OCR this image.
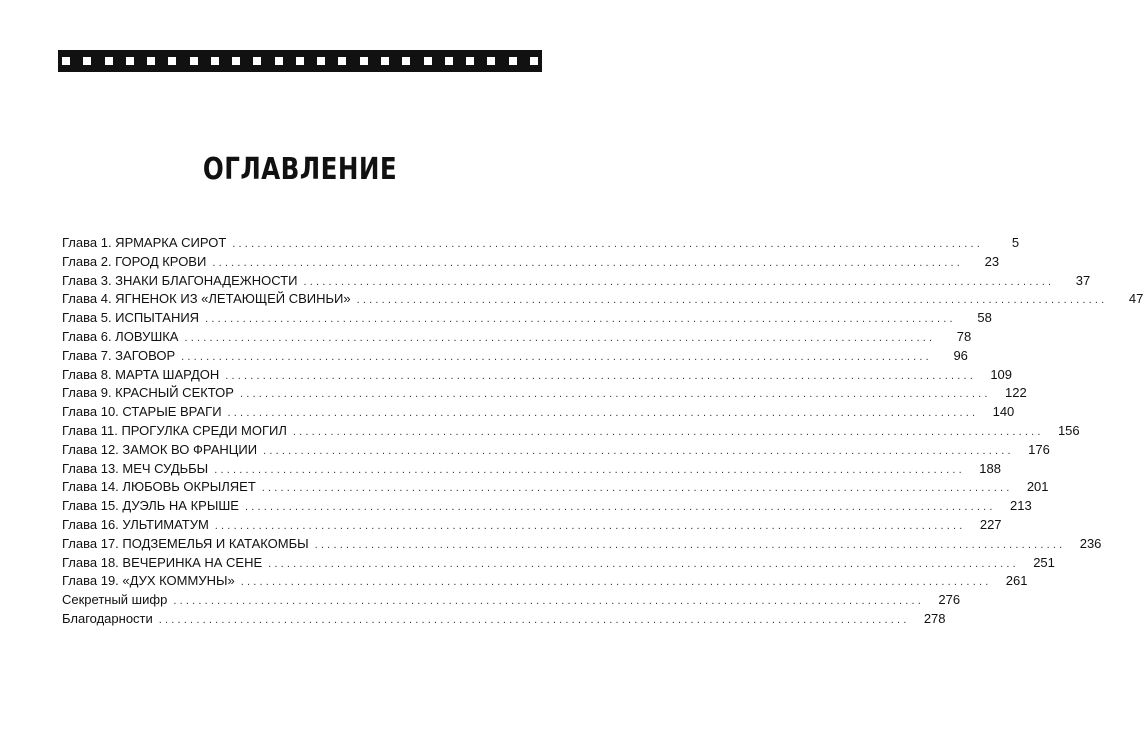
ОГЛАВЛЕНИЕ
Глава 1. ЯРМАРКА СИРОТ ........................................................................................................................	5
Глава 2. ГОРОД КРОВИ ........................................................................................................................	23
Глава 3. ЗНАКИ БЛАГОНАДЕЖНОСТИ ........................................................................................................................	37
Глава 4. ЯГНЕНОК ИЗ «ЛЕТАЮЩЕЙ СВИНЬИ» ........................................................................................................................	47
Глава 5. ИСПЫТАНИЯ ........................................................................................................................	58
Глава 6. ЛОВУШКА ........................................................................................................................	78
Глава 7. ЗАГОВОР ........................................................................................................................	96
Глава 8. МАРТА ШАРДОН ........................................................................................................................	109
Глава 9. КРАСНЫЙ СЕКТОР ........................................................................................................................	122
Глава 10. СТАРЫЕ ВРАГИ ........................................................................................................................	140
Глава 11. ПРОГУЛКА СРЕДИ МОГИЛ ........................................................................................................................	156
Глава 12. ЗАМОК ВО ФРАНЦИИ ........................................................................................................................	176
Глава 13. МЕЧ СУДЬБЫ ........................................................................................................................	188
Глава 14. ЛЮБОВЬ ОКРЫЛЯЕТ ........................................................................................................................	201
Глава 15. ДУЭЛЬ НА КРЫШЕ ........................................................................................................................	213
Глава 16. УЛЬТИМАТУМ ........................................................................................................................	227
Глава 17. ПОДЗЕМЕЛЬЯ И КАТАКОМБЫ ........................................................................................................................	236
Глава 18. ВЕЧЕРИНКА НА СЕНЕ ........................................................................................................................	251
Глава 19. «ДУХ КОММУНЫ» ........................................................................................................................	261
Секретный шифр ........................................................................................................................	276
Благодарности ........................................................................................................................	278
